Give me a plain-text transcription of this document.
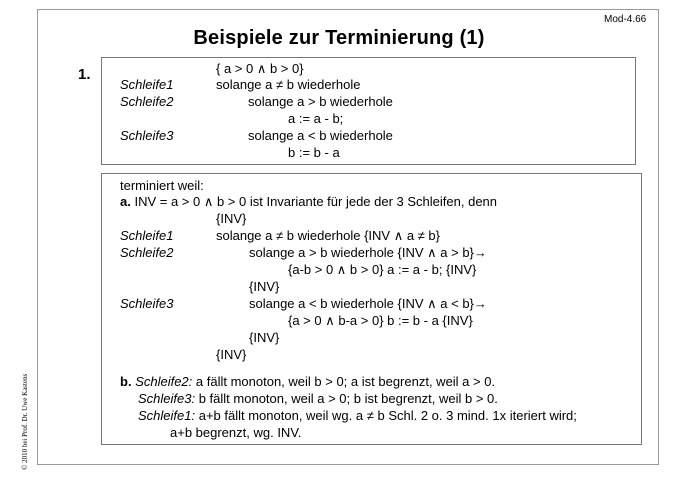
Mod-4.66
Beispiele zur Terminierung (1)
1.	{ a > 0 ∧ b > 0}
Schleife1	solange a ≠ b wiederhole
Schleife2	solange a > b wiederhole
a := a - b;
Schleife3	solange a < b wiederhole
b := b - a
terminiert weil:
a. INV = a > 0 ∧ b > 0 ist Invariante für jede der 3 Schleifen, denn
{INV}
Schleife1	solange a ≠ b wiederhole {INV ∧ a ≠ b}
Schleife2	solange a > b wiederhole {INV ∧ a > b}→
{a-b > 0 ∧ b > 0} a := a - b; {INV}
{INV}
Schleife3	solange a < b wiederhole {INV ∧ a < b}→
{a > 0 ∧ b-a > 0} b := b - a {INV}
{INV}
{INV}
b. Schleife2: a fällt monoton, weil b > 0; a ist begrenzt, weil a > 0.
Schleife3: b fällt monoton, weil a > 0; b ist begrenzt, weil b > 0.
Schleife1: a+b fällt monoton, weil wg. a ≠ b Schl. 2 o. 3 mind. 1x iteriert wird;
a+b begrenzt, wg. INV.
© 2010 bei Prof. Dr. Uwe Kastens
